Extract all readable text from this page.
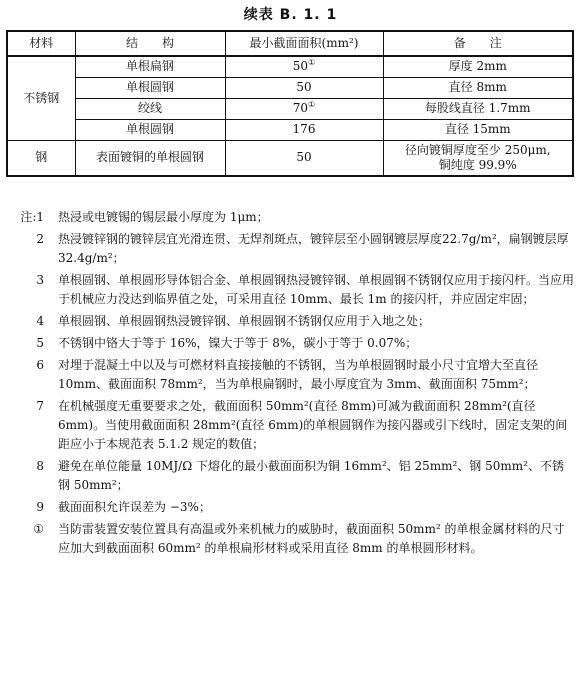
续表 B. 1. 1
材料	结　　构	最小截面面积(mm²)	备　　注
不锈钢	单根扁钢	50①	厚度 2mm
	单根圆钢	50	直径 8mm
	绞线	70①	每股线直径 1.7mm
	单根圆钢	176	直径 15mm
钢	表面镀铜的单根圆钢	50	径向镀铜厚度至少 250μm,
铜纯度 99.9%
注:1	热浸或电镀锡的锡层最小厚度为 1μm；
2	热浸镀锌钢的镀锌层宜光滑连贯、无焊剂斑点，镀锌层至小圆钢镀层厚度22.7g/m²，扁钢镀层厚 32.4g/m²；
3	单根圆钢、单根圆形导体铝合金、单根圆钢热浸镀锌钢、单根圆钢不锈钢仅应用于接闪杆。当应用于机械应力没达到临界值之处，可采用直径 10mm、最长 1m 的接闪杆，并应固定牢固；
4	单根圆钢、单根圆钢热浸镀锌钢、单根圆钢不锈钢仅应用于入地之处；
5	不锈钢中铬大于等于 16%，镍大于等于 8%，碳小于等于 0.07%；
6	对埋于混凝土中以及与可燃材料直接接触的不锈钢，当为单根圆钢时最小尺寸宜增大至直径 10mm、截面面积 78mm²，当为单根扁钢时，最小厚度宜为 3mm、截面面积 75mm²；
7	在机械强度无重要要求之处，截面面积 50mm²(直径 8mm)可减为截面面积 28mm²(直径 6mm)。当使用截面面积 28mm²(直径 6mm)的单根圆钢作为接闪器或引下线时，固定支架的间距应小于本规范表 5.1.2 规定的数值；
8	避免在单位能量 10MJ/Ω 下熔化的最小截面面积为铜 16mm²、铝 25mm²、钢 50mm²、不锈钢 50mm²；
9	截面面积允许误差为 −3%；
①	当防雷装置安装位置具有高温或外来机械力的威胁时，截面面积 50mm² 的单根金属材料的尺寸应加大到截面面积 60mm² 的单根扁形材料或采用直径 8mm 的单根圆形材料。
